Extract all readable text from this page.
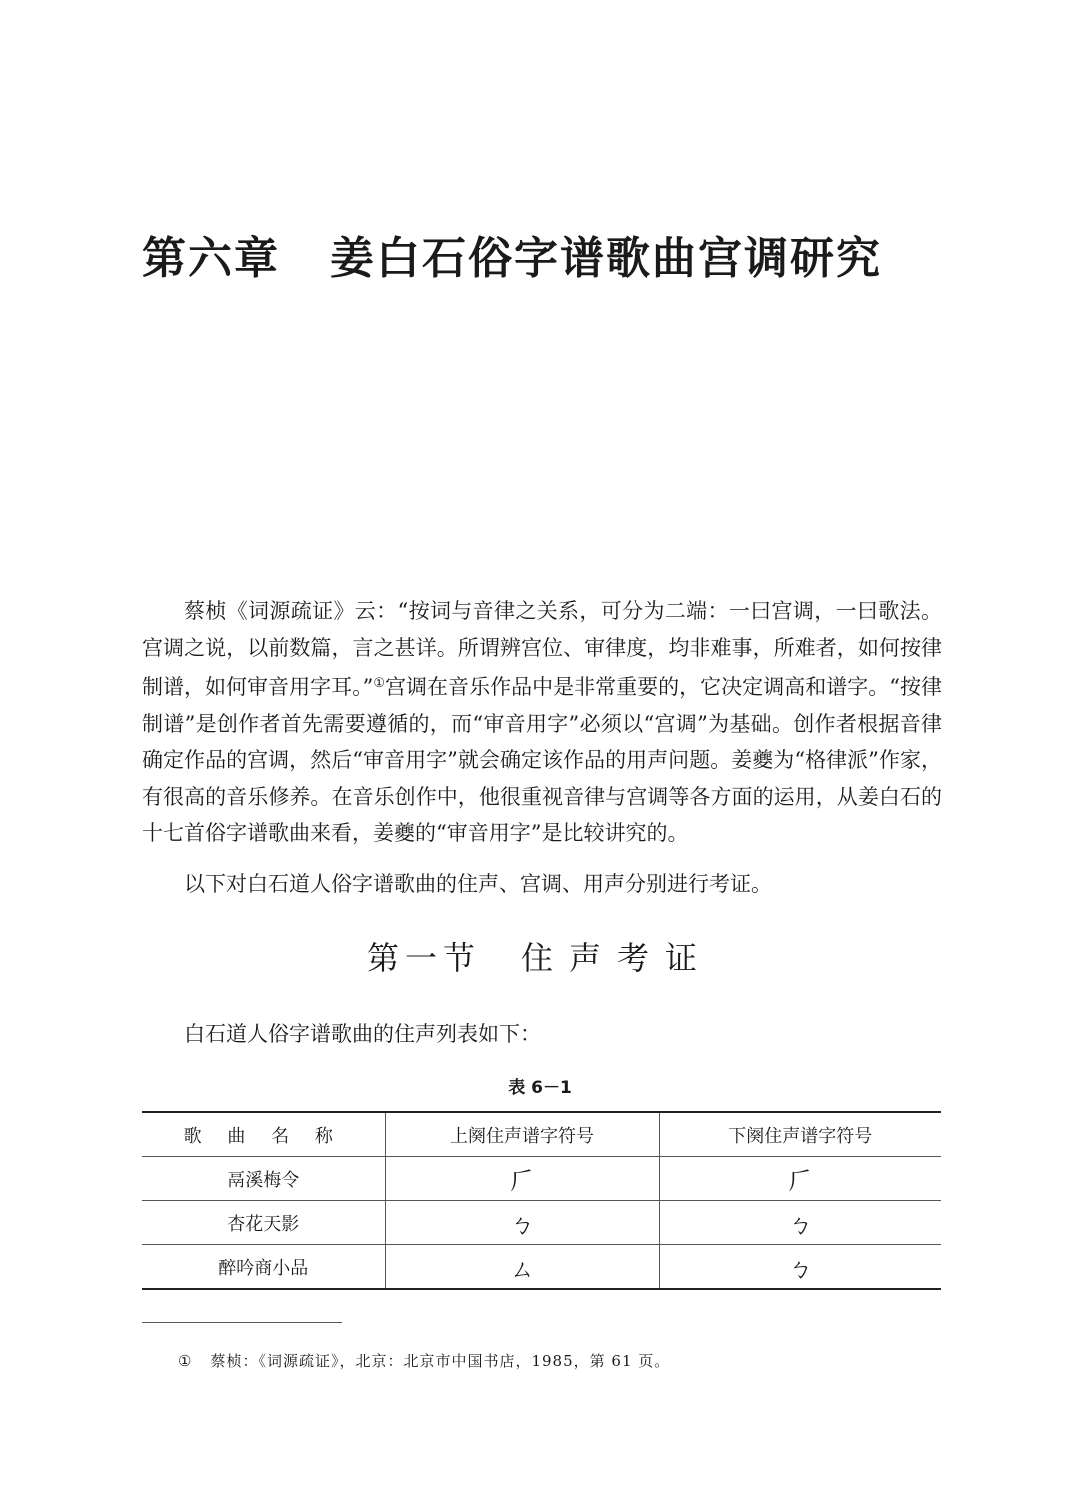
第六章 姜白石俗字谱歌曲宫调研究

蔡桢《词源疏证》云：“按词与音律之关系，可分为二端：一曰宫调，一曰歌法。宫调之说，以前数篇，言之甚详。所谓辨宫位、审律度，均非难事，所难者，如何按律制谱，如何审音用字耳。”①宫调在音乐作品中是非常重要的，它决定调高和谱字。“按律制谱”是创作者首先需要遵循的，而“审音用字”必须以“宫调”为基础。创作者根据音律确定作品的宫调，然后“审音用字”就会确定该作品的用声问题。姜夔为“格律派”作家，有很高的音乐修养。在音乐创作中，他很重视音律与宫调等各方面的运用，从姜白石的十七首俗字谱歌曲来看，姜夔的“审音用字”是比较讲究的。

以下对白石道人俗字谱歌曲的住声、宫调、用声分别进行考证。

第一节 住声考证

白石道人俗字谱歌曲的住声列表如下：

表 6－1
歌 曲 名 称	上阕住声谱字符号	下阕住声谱字符号
鬲溪梅令	𠂆	𠂆
杏花天影	ㄅ	ㄅ
醉吟商小品	ㄙ	ㄅ

① 蔡桢：《词源疏证》，北京：北京市中国书店，1985，第 61 页。
